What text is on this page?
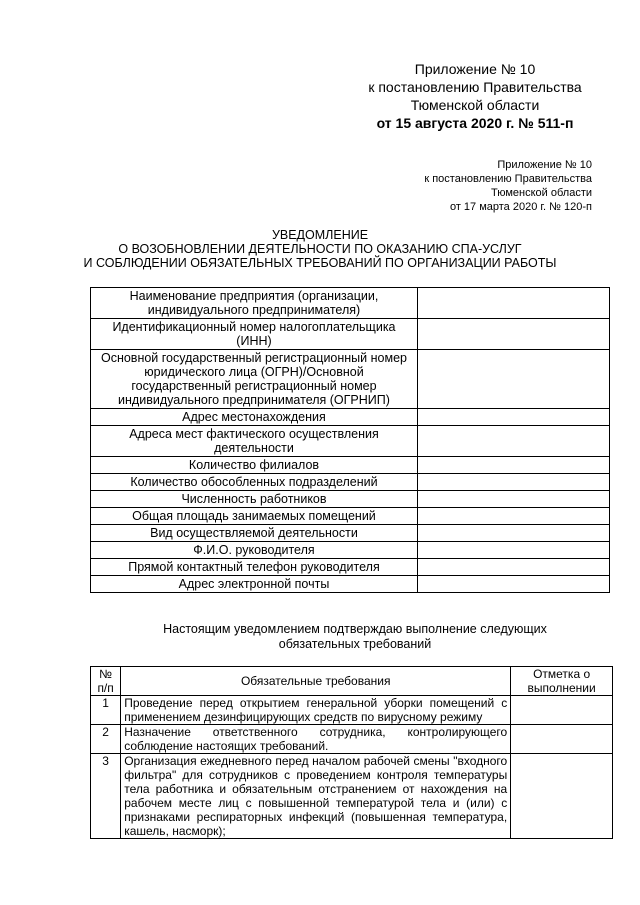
Приложение № 10
к постановлению Правительства
Тюменской области
от 15 августа 2020 г. № 511-п
Приложение № 10
к постановлению Правительства
Тюменской области
от 17 марта 2020 г. № 120-п
УВЕДОМЛЕНИЕ
О ВОЗОБНОВЛЕНИИ ДЕЯТЕЛЬНОСТИ ПО ОКАЗАНИЮ СПА-УСЛУГ
И СОБЛЮДЕНИИ ОБЯЗАТЕЛЬНЫХ ТРЕБОВАНИЙ ПО ОРГАНИЗАЦИИ РАБОТЫ
Наименование предприятия (организации, индивидуального предпринимателя)	
Идентификационный номер налогоплательщика (ИНН)	
Основной государственный регистрационный номер юридического лица (ОГРН)/Основной государственный регистрационный номер индивидуального предпринимателя (ОГРНИП)	
Адрес местонахождения	
Адреса мест фактического осуществления деятельности	
Количество филиалов	
Количество обособленных подразделений	
Численность работников	
Общая площадь занимаемых помещений	
Вид осуществляемой деятельности	
Ф.И.О. руководителя	
Прямой контактный телефон руководителя	
Адрес электронной почты	
Настоящим уведомлением подтверждаю выполнение следующих обязательных требований
№ п/п	Обязательные требования	Отметка о выполнении
1	Проведение перед открытием генеральной уборки помещений с применением дезинфицирующих средств по вирусному режиму	
2	Назначение ответственного сотрудника, контролирующего соблюдение настоящих требований.	
3	Организация ежедневного перед началом рабочей смены "входного фильтра" для сотрудников с проведением контроля температуры тела работника и обязательным отстранением от нахождения на рабочем месте лиц с повышенной температурой тела и (или) с признаками респираторных инфекций (повышенная температура, кашель, насморк);	
